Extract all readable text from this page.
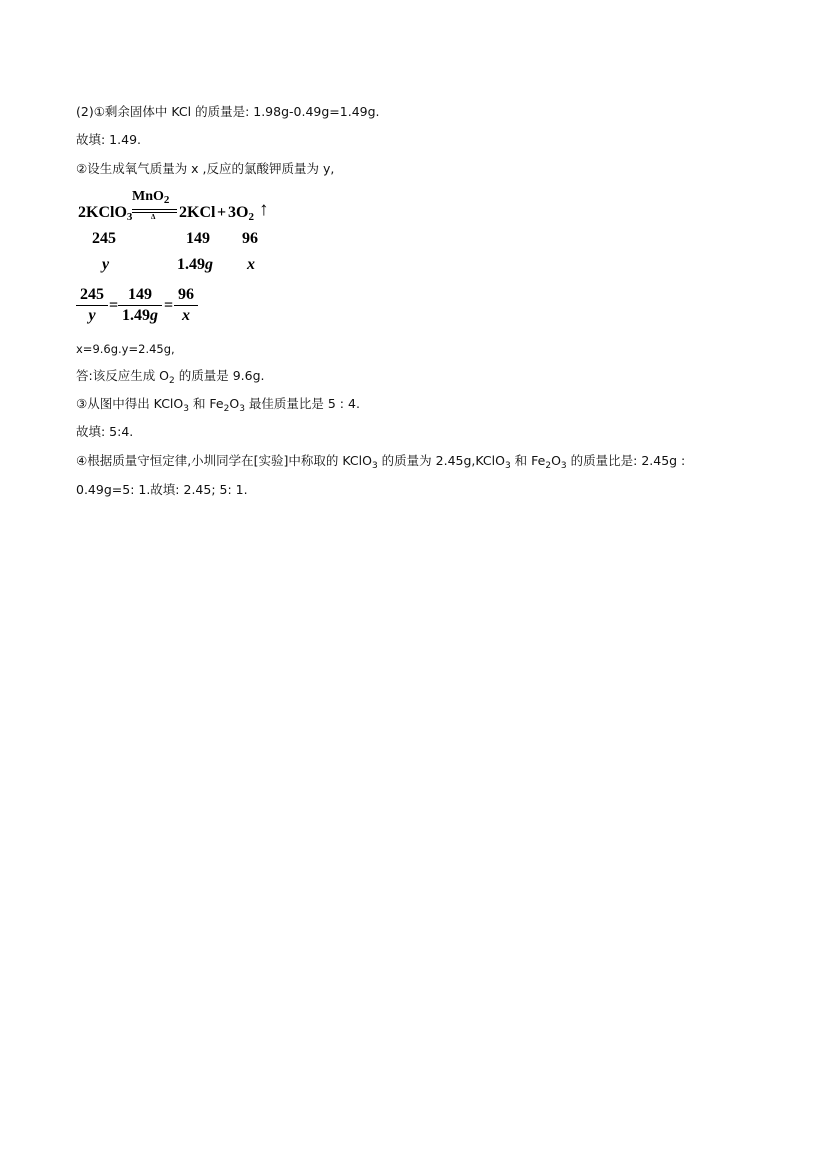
(2)①剩余固体中 KCl 的质量是: 1.98g-0.49g=1.49g.
故填: 1.49.
②设生成氧气质量为 x ,反应的氯酸钾质量为 y,
MnO$_2$
Δ
2KClO3	2KCl + 3O2 ↑
245	149 96
y	1.49g x
$\frac{245}{y} = \frac{149}{1.49g} = \frac{96}{x}$
x=9.6g.y=2.45g,
答:该反应生成 $O_2$ 的质量是 9.6g.
③从图中得出 KClO$_3$ 和 $Fe_2O_3$ 最佳质量比是 5 : 4.
故填: 5:4.
④根据质量守恒定律,小圳同学在[实验]中称取的 KClO$_3$ 的质量为 2.45g,KClO$_3$ 和 $Fe_2O_3$ 的质量比是: 2.45g :
0.49g=5: 1.故填: 2.45; 5: 1.
